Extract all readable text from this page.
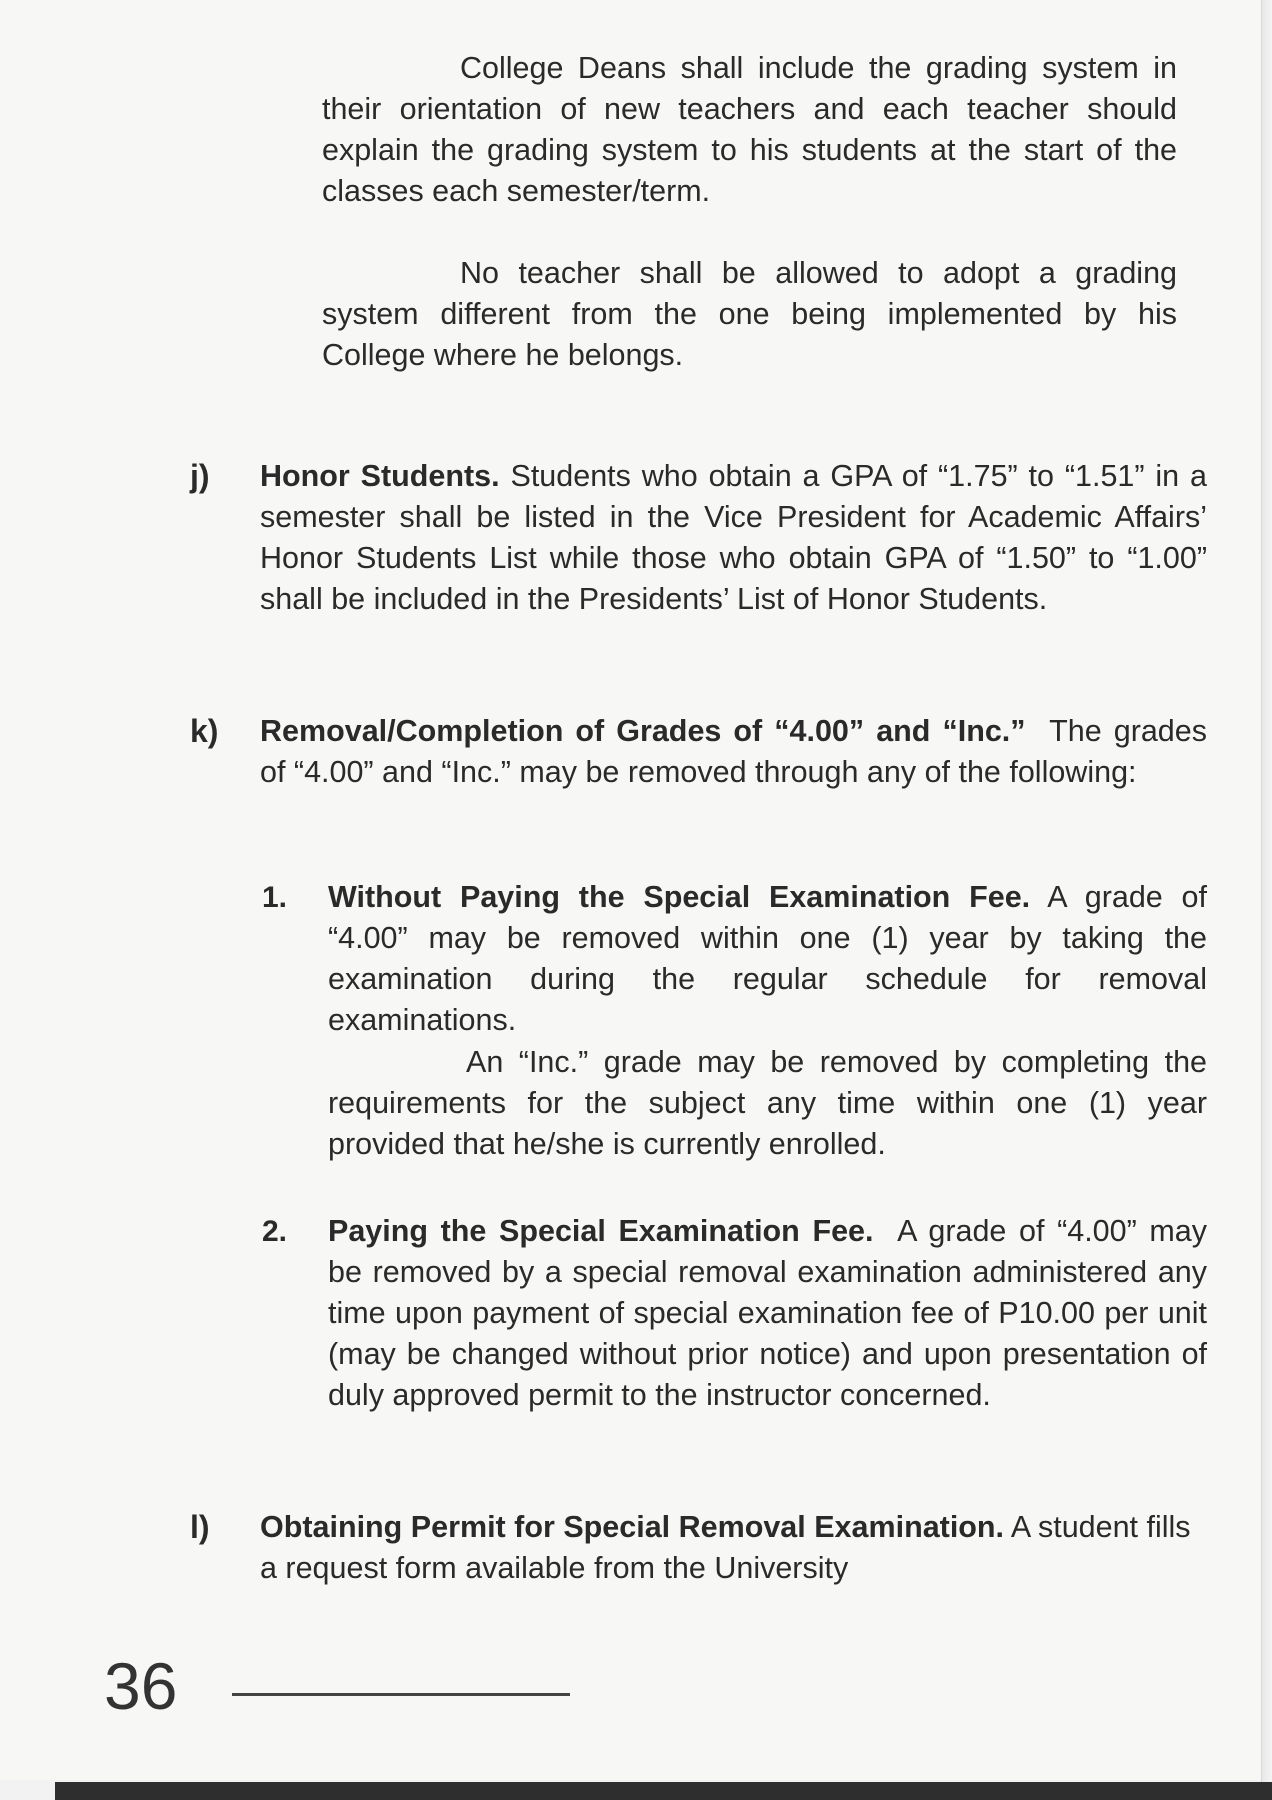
College Deans shall include the grading system in their orientation of new teachers and each teacher should explain the grading system to his students at the start of the classes each semester/term.

No teacher shall be allowed to adopt a grading system different from the one being implemented by his College where he belongs.

j) Honor Students. Students who obtain a GPA of “1.75” to “1.51” in a semester shall be listed in the Vice President for Academic Affairs’ Honor Students List while those who obtain GPA of “1.50” to “1.00” shall be included in the Presidents’ List of Honor Students.

k) Removal/Completion of Grades of “4.00” and “Inc.” The grades of “4.00” and “Inc.” may be removed through any of the following:

1. Without Paying the Special Examination Fee. A grade of “4.00” may be removed within one (1) year by taking the examination during the regular schedule for removal examinations.

An “Inc.” grade may be removed by completing the requirements for the subject any time within one (1) year provided that he/she is currently enrolled.

2. Paying the Special Examination Fee. A grade of “4.00” may be removed by a special removal examination administered any time upon payment of special examination fee of P10.00 per unit (may be changed without prior notice) and upon presentation of duly approved permit to the instructor concerned.

l) Obtaining Permit for Special Removal Examination. A student fills a request form available from the University

36
